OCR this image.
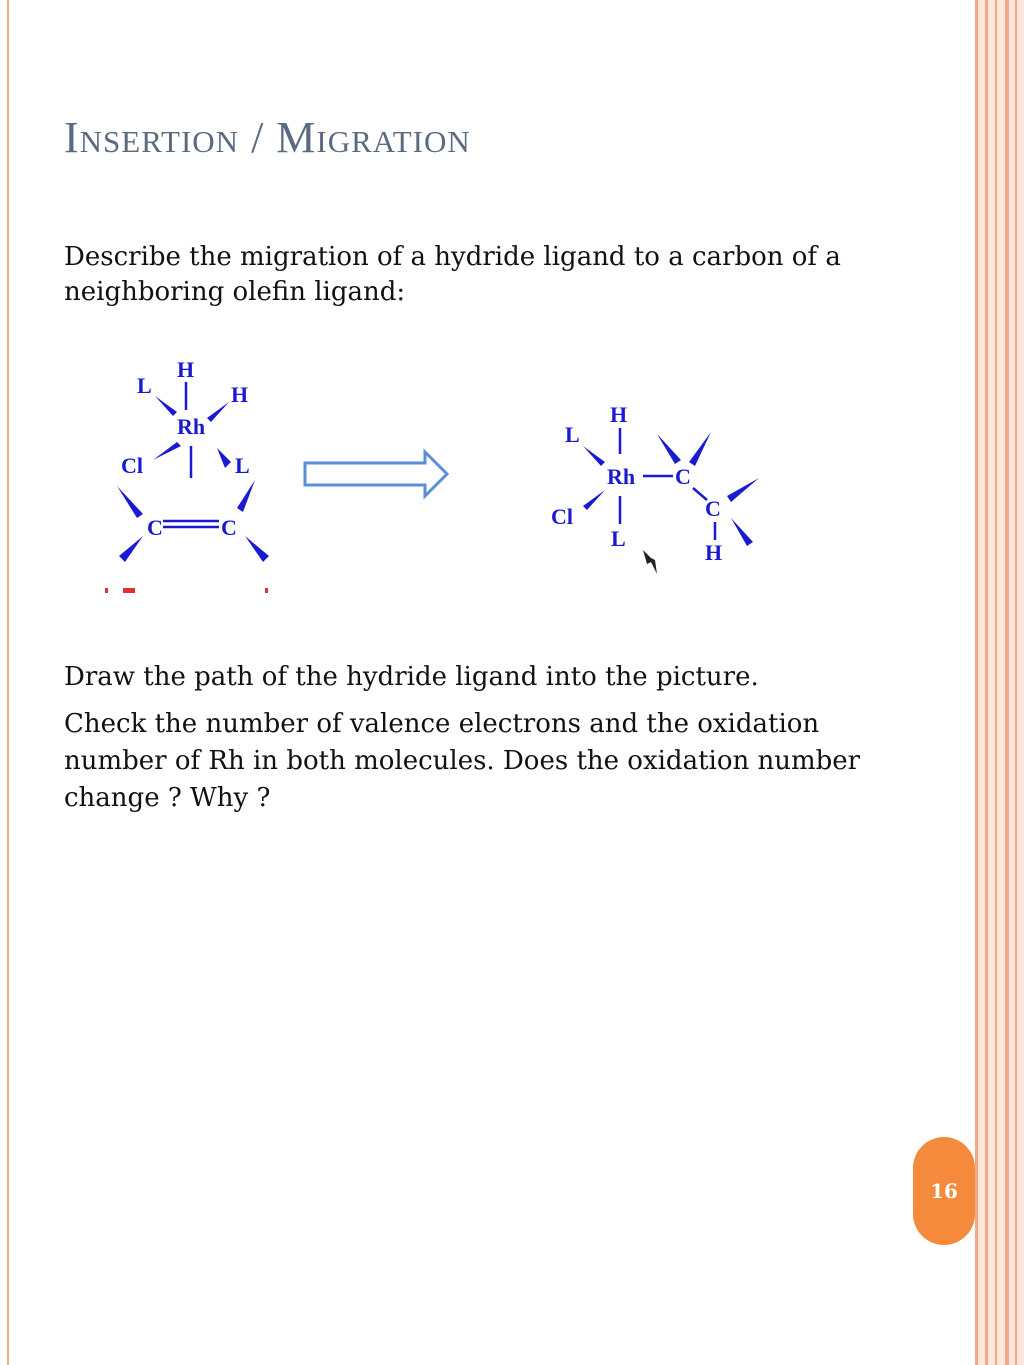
Insertion / Migration

Describe the migration of a hydride ligand to a carbon of a neighboring olefin ligand:

H
L	H
Rh
Cl	L
C	C
H
L
Rh C
C
H
Cl
L

Draw the path of the hydride ligand into the picture.

Check the number of valence electrons and the oxidation number of Rh in both molecules. Does the oxidation number change ? Why ?

16
